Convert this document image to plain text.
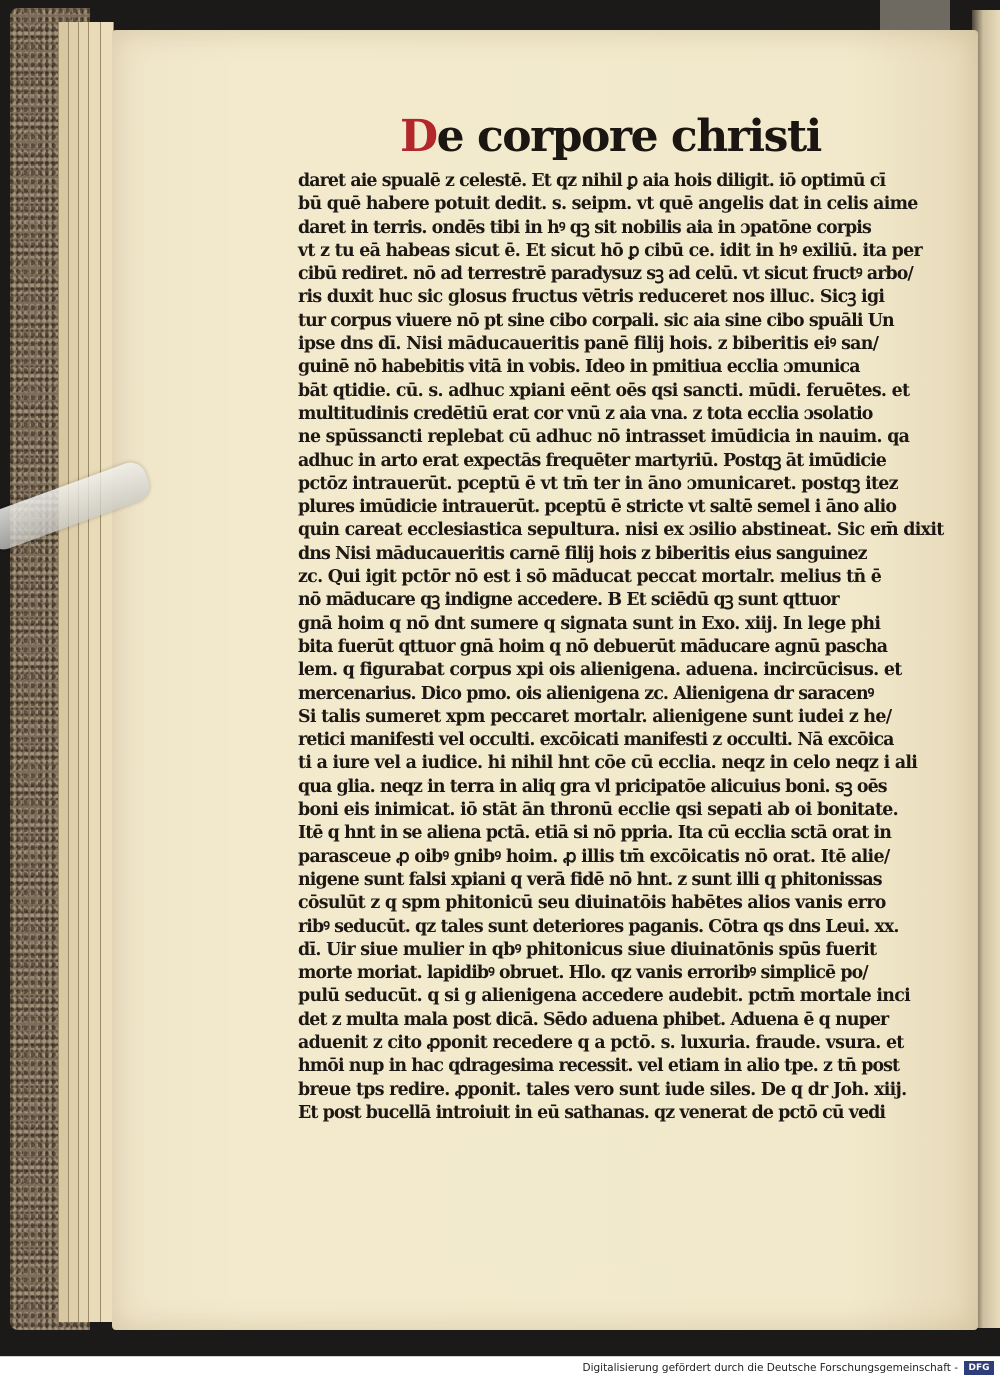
De corpore christi
daret aie spualē z celestē. Et qz nihil ꝑ aia hois diligit. iō optimū cī
bū quē habere potuit dedit. s. seipm. vt quē angelis dat in celis aime
daret in terris. ondēs tibi in hꝰ qꝫ sit nobilis aia in ɔpatōne corpis
vt z tu eā habeas sicut ē. Et sicut hō ꝑ cibū ce. idit in hꝰ exiliū. ita per
cibū rediret. nō ad terrestrē paradysuz sꝫ ad celū. vt sicut fructꝰ arbo/
ris duxit huc sic glosus fructus vētris reduceret nos illuc. Sicꝫ igi
tur corpus viuere nō pt sine cibo corpali. sic aia sine cibo spuāli Un
ipse dns dī. Nisi māducaueritis panē filij hois. z biberitis eiꝰ san/
guinē nō habebitis vitā in vobis. Ideo in pmitiua ecclia ɔmunica
bāt qtidie. cū. s. adhuc xpiani eēnt oēs qsi sancti. mūdi. feruētes. et
multitudinis credētiū erat cor vnū z aia vna. z tota ecclia ɔsolatio
ne spūssancti replebat cū adhuc nō intrasset imūdicia in nauim. qa
adhuc in arto erat expectās frequēter martyriū. Postqꝫ āt imūdicie
pctōz intrauerūt. pceptū ē vt tm̄ ter in āno ɔmunicaret. postqꝫ itez
plures imūdicie intrauerūt. pceptū ē stricte vt saltē semel i āno alio
quin careat ecclesiastica sepultura. nisi ex ɔsilio abstineat. Sic em̄ dixit
dns Nisi māducaueritis carnē filij hois z biberitis eius sanguinez
zc. Qui igit pctōr nō est i sō māducat peccat mortalr. melius tn̄ ē
nō māducare qꝫ indigne accedere. B Et sciēdū qꝫ sunt qttuor
gnā hoim q nō dnt sumere q signata sunt in Exo. xiij. In lege phi
bita fuerūt qttuor gnā hoim q nō debuerūt māducare agnū pascha
lem. q figurabat corpus xpi ois alienigena. aduena. incircūcisus. et
mercenarius. Dico pmo. ois alienigena zc. Alienigena dr saracenꝰ
Si talis sumeret xpm peccaret mortalr. alienigene sunt iudei z he/
retici manifesti vel occulti. excōicati manifesti z occulti. Nā excōica
ti a iure vel a iudice. hi nihil hnt cōe cū ecclia. neqz in celo neqz i ali
qua glia. neqz in terra in aliq gra vl pricipatōe alicuius boni. sꝫ oēs
boni eis inimicat. iō stāt ān thronū ecclie qsi sepati ab oi bonitate.
Itē q hnt in se aliena pctā. etiā si nō ppria. Ita cū ecclia sctā orat in
parasceue ꝓ oibꝰ gnibꝰ hoim. ꝓ illis tm̄ excōicatis nō orat. Itē alie/
nigene sunt falsi xpiani q verā fidē nō hnt. z sunt illi q phitonissas
cōsulūt z q spm phitonicū seu diuinatōis habētes alios vanis erro
ribꝰ seducūt. qz tales sunt deteriores paganis. Cōtra qs dns Leui. xx.
dī. Uir siue mulier in qbꝰ phitonicus siue diuinatōnis spūs fuerit
morte moriat. lapidibꝰ obruet. Hlo. qz vanis erroribꝰ simplicē po/
pulū seducūt. q si g alienigena accedere audebit. pctm̄ mortale inci
det z multa mala post dicā. Sēdo aduena phibet. Aduena ē q nuper
aduenit z cito ꝓponit recedere q a pctō. s. luxuria. fraude. vsura. et
hmōi nup in hac qdragesima recessit. vel etiam in alio tpe. z tn̄ post
breue tps redire. ꝓponit. tales vero sunt iude siles. De q dr Joh. xiij.
Et post bucellā introiuit in eū sathanas. qz venerat de pctō cū vedi
Digitalisierung gefördert durch die Deutsche Forschungsgemeinschaft -	DFG
